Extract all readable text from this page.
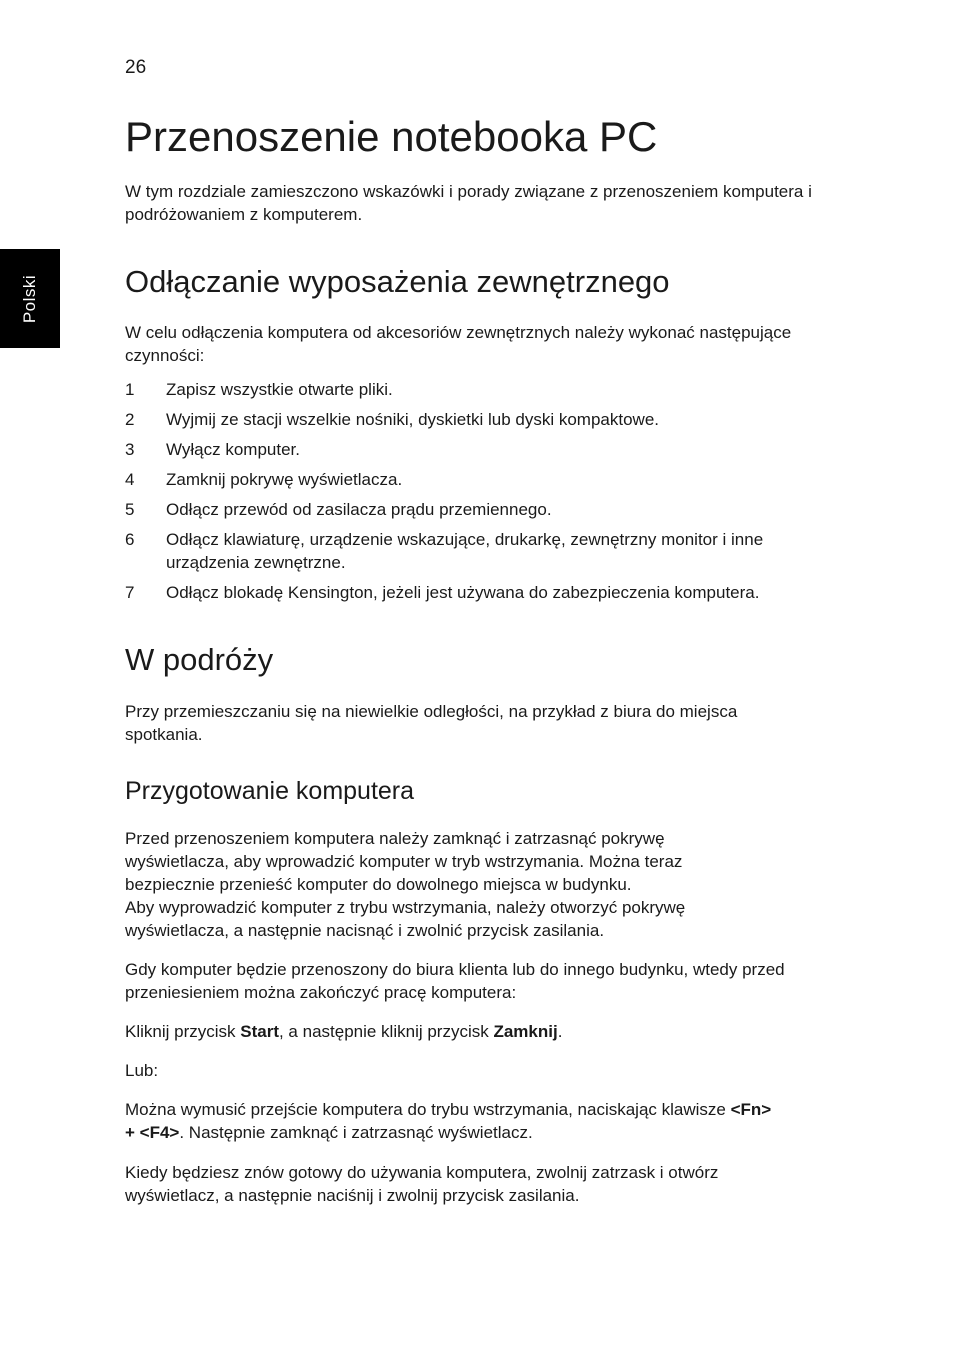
26
Polski
Przenoszenie notebooka PC

W tym rozdziale zamieszczono wskazówki i porady związane z przenoszeniem komputera i podróżowaniem z komputerem.

Odłączanie wyposażenia zewnętrznego

W celu odłączenia komputera od akcesoriów zewnętrznych należy wykonać następujące czynności:

1 Zapisz wszystkie otwarte pliki.
2 Wyjmij ze stacji wszelkie nośniki, dyskietki lub dyski kompaktowe.
3 Wyłącz komputer.
4 Zamknij pokrywę wyświetlacza.
5 Odłącz przewód od zasilacza prądu przemiennego.
6 Odłącz klawiaturę, urządzenie wskazujące, drukarkę, zewnętrzny monitor i inne urządzenia zewnętrzne.
7 Odłącz blokadę Kensington, jeżeli jest używana do zabezpieczenia komputera.
W podróży

Przy przemieszczaniu się na niewielkie odległości, na przykład z biura do miejsca spotkania.

Przygotowanie komputera

Przed przenoszeniem komputera należy zamknąć i zatrzasnąć pokrywę wyświetlacza, aby wprowadzić komputer w tryb wstrzymania. Można teraz bezpiecznie przenieść komputer do dowolnego miejsca w budynku.

Aby wyprowadzić komputer z trybu wstrzymania, należy otworzyć pokrywę wyświetlacza, a następnie nacisnąć i zwolnić przycisk zasilania.

Gdy komputer będzie przenoszony do biura klienta lub do innego budynku, wtedy przed przeniesieniem można zakończyć pracę komputera:

Kliknij przycisk Start, a następnie kliknij przycisk Zamknij.

Lub:

Można wymusić przejście komputera do trybu wstrzymania, naciskając klawisze <Fn> + <F4>. Następnie zamknąć i zatrzasnąć wyświetlacz.

Kiedy będziesz znów gotowy do używania komputera, zwolnij zatrzask i otwórz wyświetlacz, a następnie naciśnij i zwolnij przycisk zasilania.
